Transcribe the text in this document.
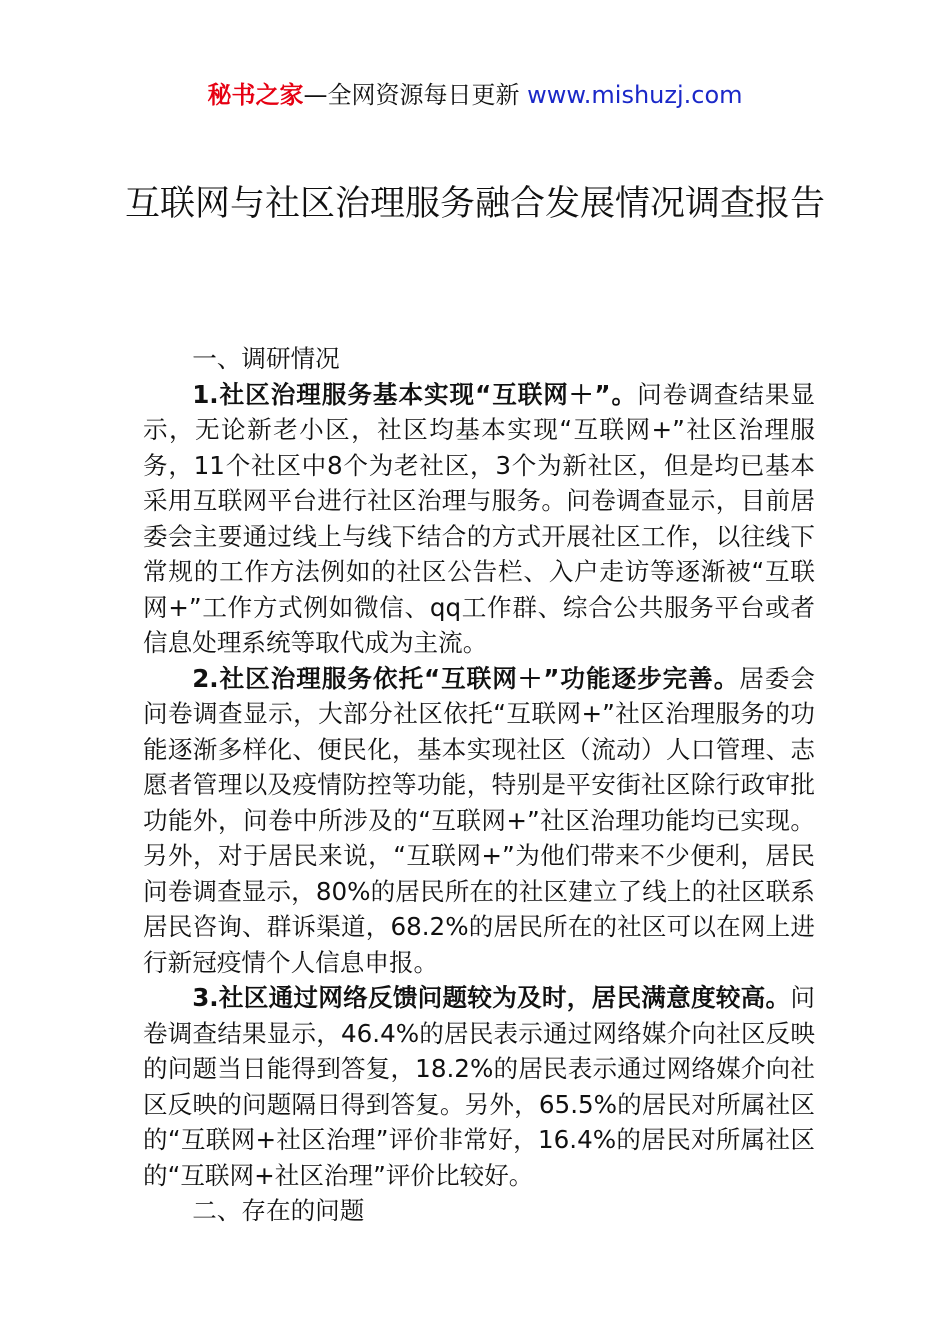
秘书之家—全网资源每日更新 www.mishuzj.com
互联网与社区治理服务融合发展情况调查报告

一、调研情况

1.社区治理服务基本实现“互联网＋”。问卷调查结果显示，无论新老小区，社区均基本实现“互联网+”社区治理服务，11个社区中8个为老社区，3个为新社区，但是均已基本采用互联网平台进行社区治理与服务。问卷调查显示，目前居委会主要通过线上与线下结合的方式开展社区工作，以往线下常规的工作方法例如的社区公告栏、入户走访等逐渐被“互联网+”工作方式例如微信、qq工作群、综合公共服务平台或者信息处理系统等取代成为主流。

2.社区治理服务依托“互联网＋”功能逐步完善。居委会问卷调查显示，大部分社区依托“互联网+”社区治理服务的功能逐渐多样化、便民化，基本实现社区（流动）人口管理、志愿者管理以及疫情防控等功能，特别是平安街社区除行政审批功能外，问卷中所涉及的“互联网+”社区治理功能均已实现。另外，对于居民来说，“互联网+”为他们带来不少便利，居民问卷调查显示，80%的居民所在的社区建立了线上的社区联系居民咨询、群诉渠道，68.2%的居民所在的社区可以在网上进行新冠疫情个人信息申报。

3.社区通过网络反馈问题较为及时，居民满意度较高。问卷调查结果显示，46.4%的居民表示通过网络媒介向社区反映的问题当日能得到答复，18.2%的居民表示通过网络媒介向社区反映的问题隔日得到答复。另外，65.5%的居民对所属社区的“互联网+社区治理”评价非常好，16.4%的居民对所属社区的“互联网+社区治理”评价比较好。

二、存在的问题
